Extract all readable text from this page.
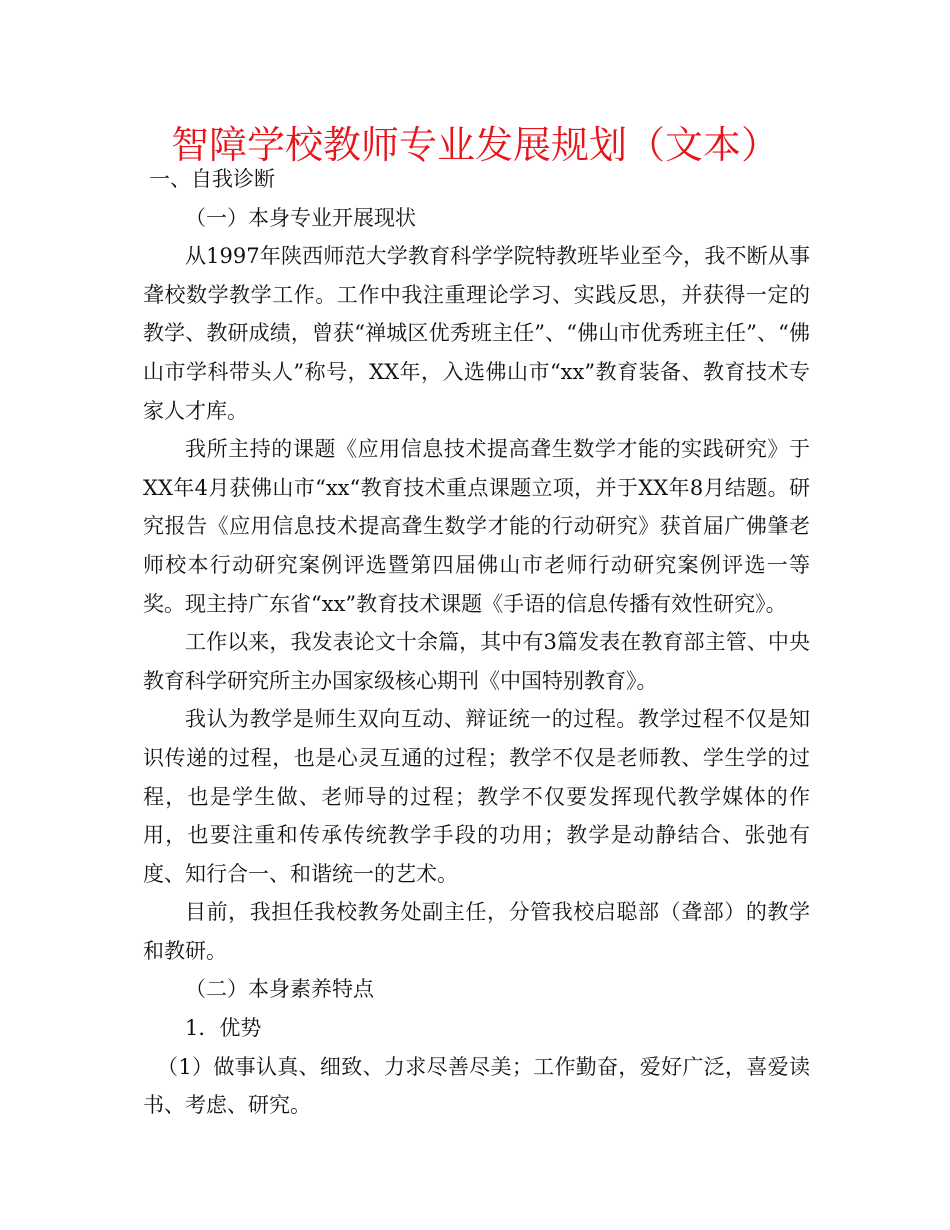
智障学校教师专业发展规划（文本）

一、自我诊断

（一）本身专业开展现状

从1997年陕西师范大学教育科学学院特教班毕业至今，我不断从事聋校数学教学工作。工作中我注重理论学习、实践反思，并获得一定的教学、教研成绩，曾获“禅城区优秀班主任”、“佛山市优秀班主任”、“佛山市学科带头人”称号，XX年，入选佛山市“xx”教育装备、教育技术专家人才库。

我所主持的课题《应用信息技术提高聋生数学才能的实践研究》于XX年4月获佛山市“xx“教育技术重点课题立项，并于XX年8月结题。研究报告《应用信息技术提高聋生数学才能的行动研究》获首届广佛肇老师校本行动研究案例评选暨第四届佛山市老师行动研究案例评选一等奖。现主持广东省“xx”教育技术课题《手语的信息传播有效性研究》。

工作以来，我发表论文十余篇，其中有3篇发表在教育部主管、中央教育科学研究所主办国家级核心期刊《中国特别教育》。

我认为教学是师生双向互动、辩证统一的过程。教学过程不仅是知识传递的过程，也是心灵互通的过程；教学不仅是老师教、学生学的过程，也是学生做、老师导的过程；教学不仅要发挥现代教学媒体的作用，也要注重和传承传统教学手段的功用；教学是动静结合、张弛有度、知行合一、和谐统一的艺术。

目前，我担任我校教务处副主任，分管我校启聪部（聋部）的教学和教研。

（二）本身素养特点

1．优势

（1）做事认真、细致、力求尽善尽美；工作勤奋，爱好广泛，喜爱读书、考虑、研究。
